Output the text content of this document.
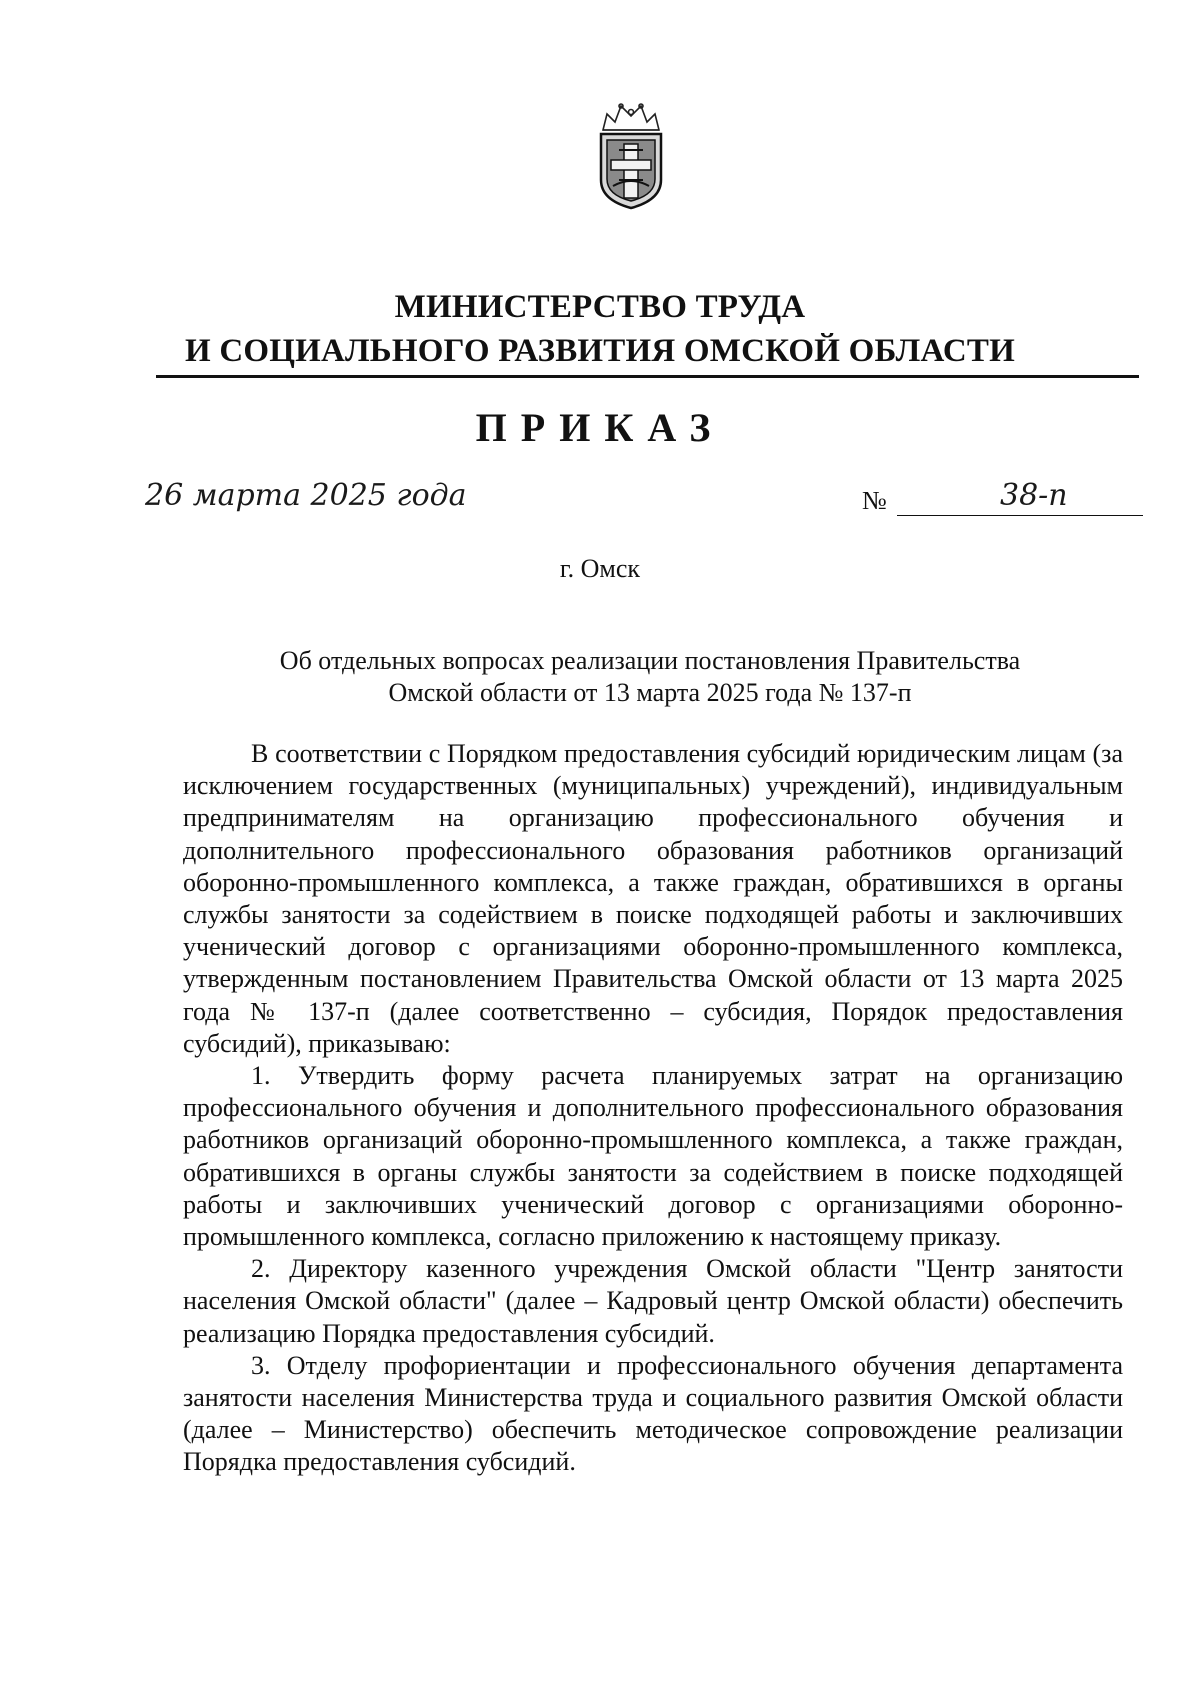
МИНИСТЕРСТВО ТРУДА
И СОЦИАЛЬНОГО РАЗВИТИЯ ОМСКОЙ ОБЛАСТИ
ПРИКАЗ
26 марта 2025 года	№	38-п
г. Омск
Об отдельных вопросах реализации постановления Правительства
Омской области от 13 марта 2025 года № 137-п

В соответствии с Порядком предоставления субсидий юридическим лицам (за исключением государственных (муниципальных) учреждений), индивидуальным предпринимателям на организацию профессионального обучения и дополнительного профессионального образования работников организаций оборонно-промышленного комплекса, а также граждан, обратившихся в органы службы занятости за содействием в поиске подходящей работы и заключивших ученический договор с организациями оборонно-промышленного комплекса, утвержденным постановлением Правительства Омской области от 13 марта 2025 года № 137-п (далее соответственно – субсидия, Порядок предоставления субсидий), приказываю:

1. Утвердить форму расчета планируемых затрат на организацию профессионального обучения и дополнительного профессионального образования работников организаций оборонно-промышленного комплекса, а также граждан, обратившихся в органы службы занятости за содействием в поиске подходящей работы и заключивших ученический договор с организациями оборонно-промышленного комплекса, согласно приложению к настоящему приказу.

2. Директору казенного учреждения Омской области "Центр занятости населения Омской области" (далее – Кадровый центр Омской области) обеспечить реализацию Порядка предоставления субсидий.

3. Отделу профориентации и профессионального обучения департамента занятости населения Министерства труда и социального развития Омской области (далее – Министерство) обеспечить методическое сопровождение реализации Порядка предоставления субсидий.
